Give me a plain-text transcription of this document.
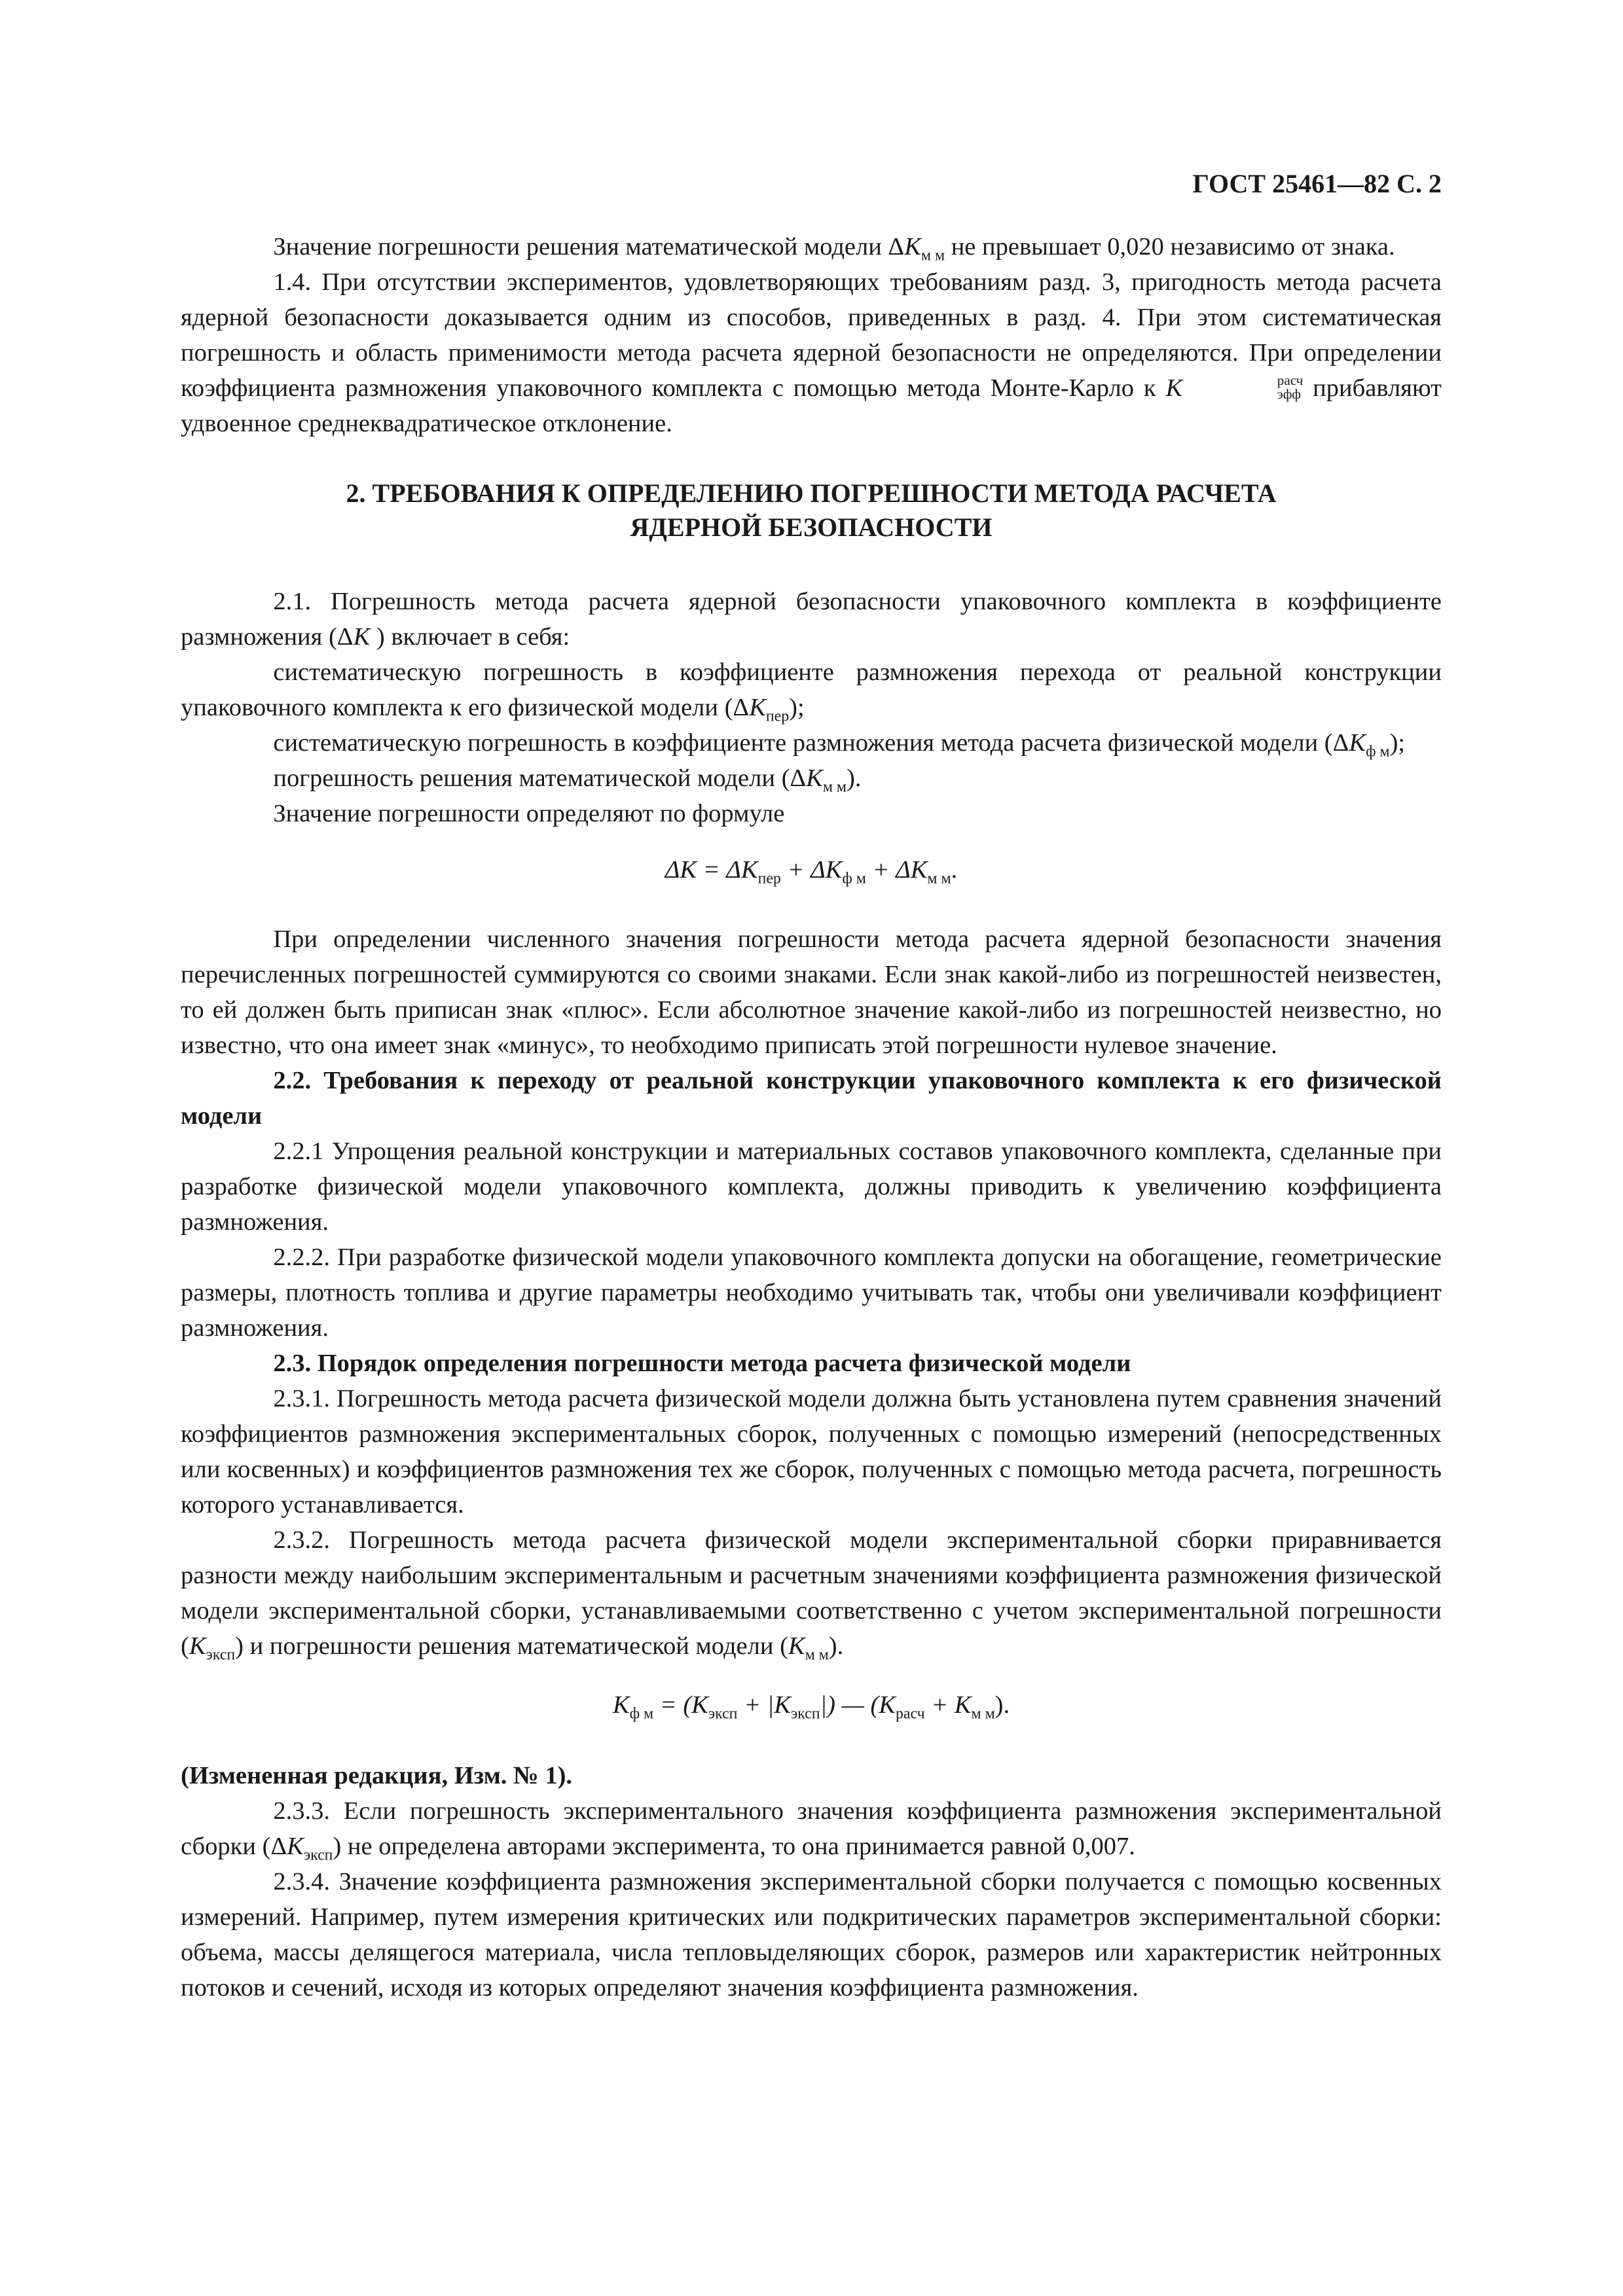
ГОСТ 25461—82 С. 2

Значение погрешности решения математической модели $\Delta K_{м м}$ не превышает 0,020 независимо от знака.

1.4. При отсутствии экспериментов, удовлетворяющих требованиям разд. 3, пригодность метода расчета ядерной безопасности доказывается одним из способов, приведенных в разд. 4. При этом систематическая погрешность и область применимости метода расчета ядерной безопасности не определяются. При определении коэффициента размножения упаковочного комплекта с помощью метода Монте-Карло к K 	расч
эфф прибавляют удвоенное среднеквадратическое отклонение.

2. ТРЕБОВАНИЯ К ОПРЕДЕЛЕНИЮ ПОГРЕШНОСТИ МЕТОДА РАСЧЕТА
ЯДЕРНОЙ БЕЗОПАСНОСТИ

2.1. Погрешность метода расчета ядерной безопасности упаковочного комплекта в коэффициенте размножения (ΔK ) включает в себя:

систематическую погрешность в коэффициенте размножения перехода от реальной конструкции упаковочного комплекта к его физической модели $(\Delta K_{пер})$;

систематическую погрешность в коэффициенте размножения метода расчета физической модели $(\Delta K_{ф м})$;

погрешность решения математической модели $(\Delta K_{м м})$.

Значение погрешности определяют по формуле

$\Delta K = \Delta K_{пер} + \Delta K_{ф м} + \Delta K_{м м}$.

При определении численного значения погрешности метода расчета ядерной безопасности значения перечисленных погрешностей суммируются со своими знаками. Если знак какой-либо из погрешностей неизвестен, то ей должен быть приписан знак «плюс». Если абсолютное значение какой-либо из погрешностей неизвестно, но известно, что она имеет знак «минус», то необходимо приписать этой погрешности нулевое значение.

2.2. Требования к переходу от реальной конструкции упаковочного комплекта к его физической модели

2.2.1 Упрощения реальной конструкции и материальных составов упаковочного комплекта, сделанные при разработке физической модели упаковочного комплекта, должны приводить к увеличению коэффициента размножения.

2.2.2. При разработке физической модели упаковочного комплекта допуски на обогащение, геометрические размеры, плотность топлива и другие параметры необходимо учитывать так, чтобы они увеличивали коэффициент размножения.

2.3. Порядок определения погрешности метода расчета физической модели

2.3.1. Погрешность метода расчета физической модели должна быть установлена путем сравнения значений коэффициентов размножения экспериментальных сборок, полученных с помощью измерений (непосредственных или косвенных) и коэффициентов размножения тех же сборок, полученных с помощью метода расчета, погрешность которого устанавливается.

2.3.2. Погрешность метода расчета физической модели экспериментальной сборки приравнивается разности между наибольшим экспериментальным и расчетным значениями коэффициента размножения физической модели экспериментальной сборки, устанавливаемыми соответственно с учетом экспериментальной погрешности $(K_{эксп})$ и погрешности решения математической модели $(K_{м м})$.

$K_{ф м} = (K_{эксп} + |K_{эксп}|)$ — $(K_{расч} + K_{м м})$.

(Измененная редакция, Изм. № 1).

2.3.3. Если погрешность экспериментального значения коэффициента размножения экспериментальной сборки $(\Delta K_{эксп})$ не определена авторами эксперимента, то она принимается равной 0,007.

2.3.4. Значение коэффициента размножения экспериментальной сборки получается с помощью косвенных измерений. Например, путем измерения критических или подкритических параметров экспериментальной сборки: объема, массы делящегося материала, числа тепловыделяющих сборок, размеров или характеристик нейтронных потоков и сечений, исходя из которых определяют значения коэффициента размножения.
